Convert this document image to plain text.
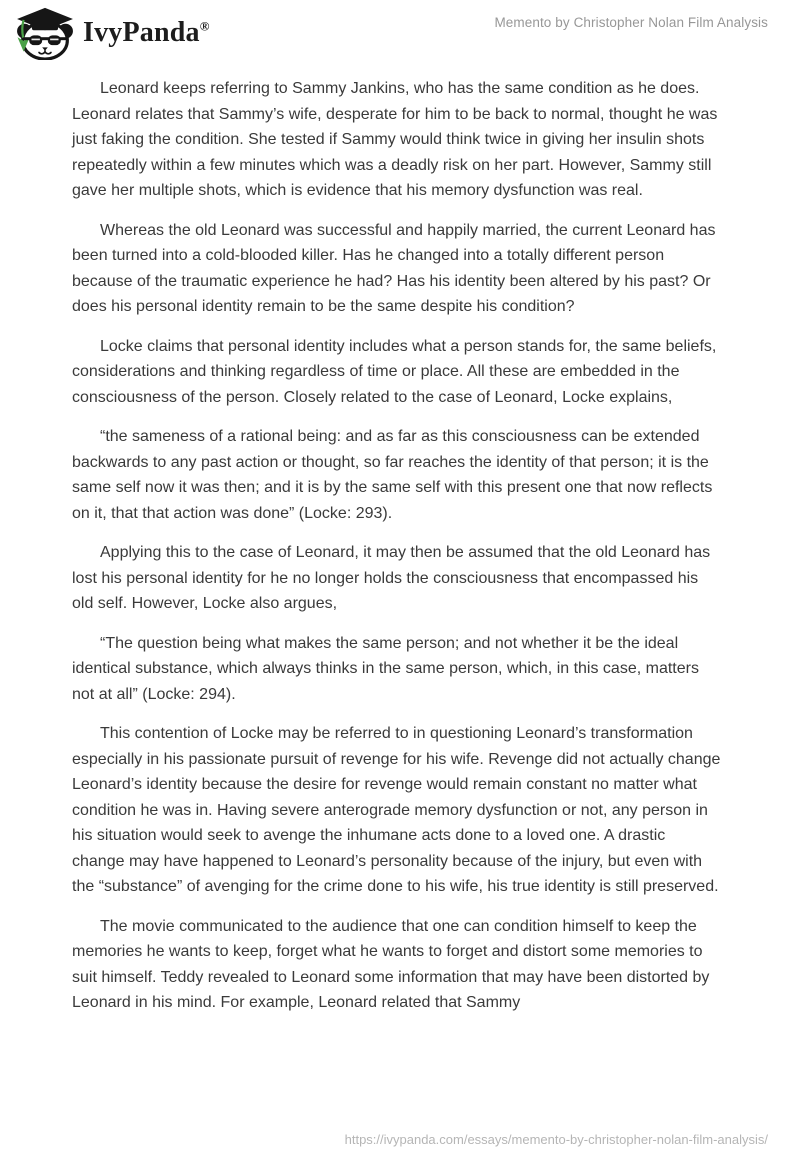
IvyPanda®	Memento by Christopher Nolan Film Analysis

Leonard keeps referring to Sammy Jankins, who has the same condition as he does. Leonard relates that Sammy’s wife, desperate for him to be back to normal, thought he was just faking the condition. She tested if Sammy would think twice in giving her insulin shots repeatedly within a few minutes which was a deadly risk on her part. However, Sammy still gave her multiple shots, which is evidence that his memory dysfunction was real.

Whereas the old Leonard was successful and happily married, the current Leonard has been turned into a cold-blooded killer. Has he changed into a totally different person because of the traumatic experience he had? Has his identity been altered by his past? Or does his personal identity remain to be the same despite his condition?

Locke claims that personal identity includes what a person stands for, the same beliefs, considerations and thinking regardless of time or place. All these are embedded in the consciousness of the person. Closely related to the case of Leonard, Locke explains,

“the sameness of a rational being: and as far as this consciousness can be extended backwards to any past action or thought, so far reaches the identity of that person; it is the same self now it was then; and it is by the same self with this present one that now reflects on it, that that action was done” (Locke: 293).

Applying this to the case of Leonard, it may then be assumed that the old Leonard has lost his personal identity for he no longer holds the consciousness that encompassed his old self. However, Locke also argues,

“The question being what makes the same person; and not whether it be the ideal identical substance, which always thinks in the same person, which, in this case, matters not at all” (Locke: 294).

This contention of Locke may be referred to in questioning Leonard’s transformation especially in his passionate pursuit of revenge for his wife. Revenge did not actually change Leonard’s identity because the desire for revenge would remain constant no matter what condition he was in. Having severe anterograde memory dysfunction or not, any person in his situation would seek to avenge the inhumane acts done to a loved one. A drastic change may have happened to Leonard’s personality because of the injury, but even with the “substance” of avenging for the crime done to his wife, his true identity is still preserved.

The movie communicated to the audience that one can condition himself to keep the memories he wants to keep, forget what he wants to forget and distort some memories to suit himself. Teddy revealed to Leonard some information that may have been distorted by Leonard in his mind. For example, Leonard related that Sammy

https://ivypanda.com/essays/memento-by-christopher-nolan-film-analysis/
